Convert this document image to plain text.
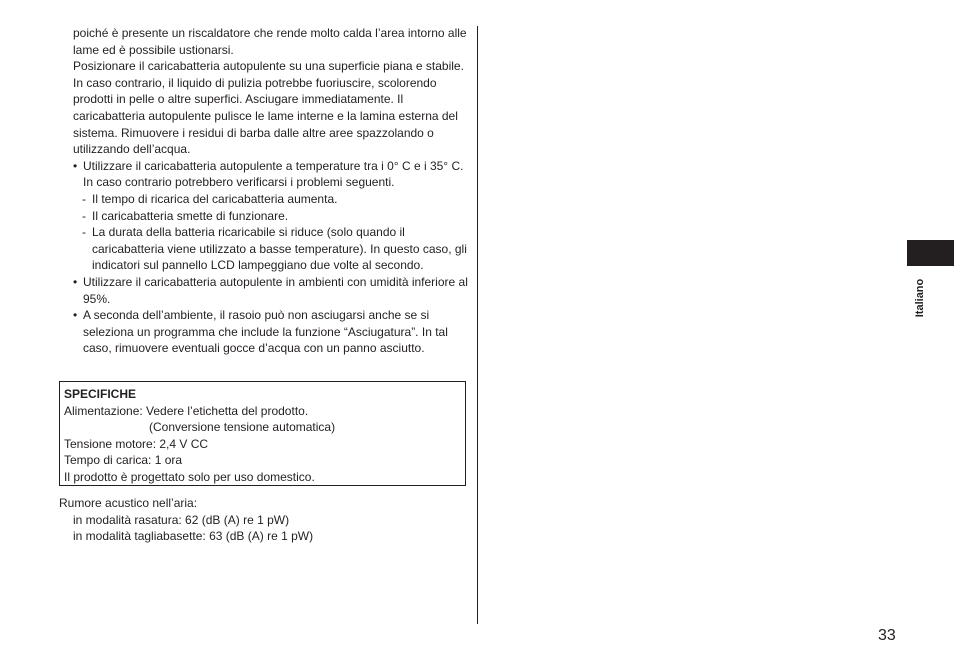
poiché è presente un riscaldatore che rende molto calda l’area intorno alle lame ed è possibile ustionarsi.

Posizionare il caricabatteria autopulente su una superficie piana e stabile. In caso contrario, il liquido di pulizia potrebbe fuoriuscire, scolorendo prodotti in pelle o altre superfici. Asciugare immediatamente. Il caricabatteria autopulente pulisce le lame interne e la lamina esterna del sistema. Rimuovere i residui di barba dalle altre aree spazzolando o utilizzando dell’acqua.

• Utilizzare il caricabatteria autopulente a temperature tra i 0° C e i 35° C. In caso contrario potrebbero verificarsi i problemi seguenti.
- Il tempo di ricarica del caricabatteria aumenta.
- Il caricabatteria smette di funzionare.
- La durata della batteria ricaricabile si riduce (solo quando il caricabatteria viene utilizzato a basse temperature). In questo caso, gli indicatori sul pannello LCD lampeggiano due volte al secondo.
• Utilizzare il caricabatteria autopulente in ambienti con umidità inferiore al 95%.
• A seconda dell’ambiente, il rasoio può non asciugarsi anche se si seleziona un programma che include la funzione “Asciugatura”. In tal caso, rimuovere eventuali gocce d’acqua con un panno asciutto.
SPECIFICHE
Alimentazione: Vedere l’etichetta del prodotto.
(Conversione tensione automatica)
Tensione motore: 2,4 V CC
Tempo di carica: 1 ora
Il prodotto è progettato solo per uso domestico.
Rumore acustico nell’aria:
in modalità rasatura: 62 (dB (A) re 1 pW)
in modalità tagliabasette: 63 (dB (A) re 1 pW)
Italiano
33
